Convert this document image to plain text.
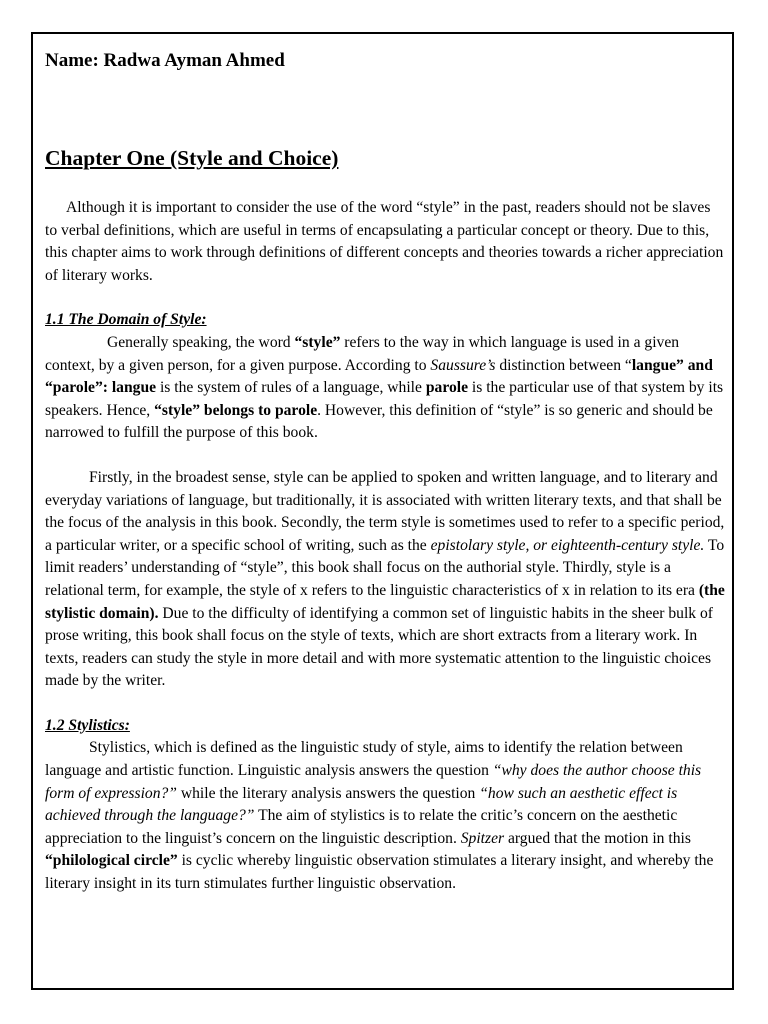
Name: Radwa Ayman Ahmed

Chapter One (Style and Choice)

Although it is important to consider the use of the word “style” in the past, readers should not be slaves to verbal definitions, which are useful in terms of encapsulating a particular concept or theory. Due to this, this chapter aims to work through definitions of different concepts and theories towards a richer appreciation of literary works.

1.1 The Domain of Style:

Generally speaking, the word “style” refers to the way in which language is used in a given context, by a given person, for a given purpose. According to Saussure’s distinction between “langue” and “parole”: langue is the system of rules of a language, while parole is the particular use of that system by its speakers. Hence, “style” belongs to parole. However, this definition of “style” is so generic and should be narrowed to fulfill the purpose of this book.

Firstly, in the broadest sense, style can be applied to spoken and written language, and to literary and everyday variations of language, but traditionally, it is associated with written literary texts, and that shall be the focus of the analysis in this book. Secondly, the term style is sometimes used to refer to a specific period, a particular writer, or a specific school of writing, such as the epistolary style, or eighteenth-century style. To limit readers’ understanding of “style”, this book shall focus on the authorial style. Thirdly, style is a relational term, for example, the style of x refers to the linguistic characteristics of x in relation to its era (the stylistic domain). Due to the difficulty of identifying a common set of linguistic habits in the sheer bulk of prose writing, this book shall focus on the style of texts, which are short extracts from a literary work. In texts, readers can study the style in more detail and with more systematic attention to the linguistic choices made by the writer.

1.2 Stylistics:

Stylistics, which is defined as the linguistic study of style, aims to identify the relation between language and artistic function. Linguistic analysis answers the question “why does the author choose this form of expression?” while the literary analysis answers the question “how such an aesthetic effect is achieved through the language?” The aim of stylistics is to relate the critic’s concern on the aesthetic appreciation to the linguist’s concern on the linguistic description. Spitzer argued that the motion in this “philological circle” is cyclic whereby linguistic observation stimulates a literary insight, and whereby the literary insight in its turn stimulates further linguistic observation.
